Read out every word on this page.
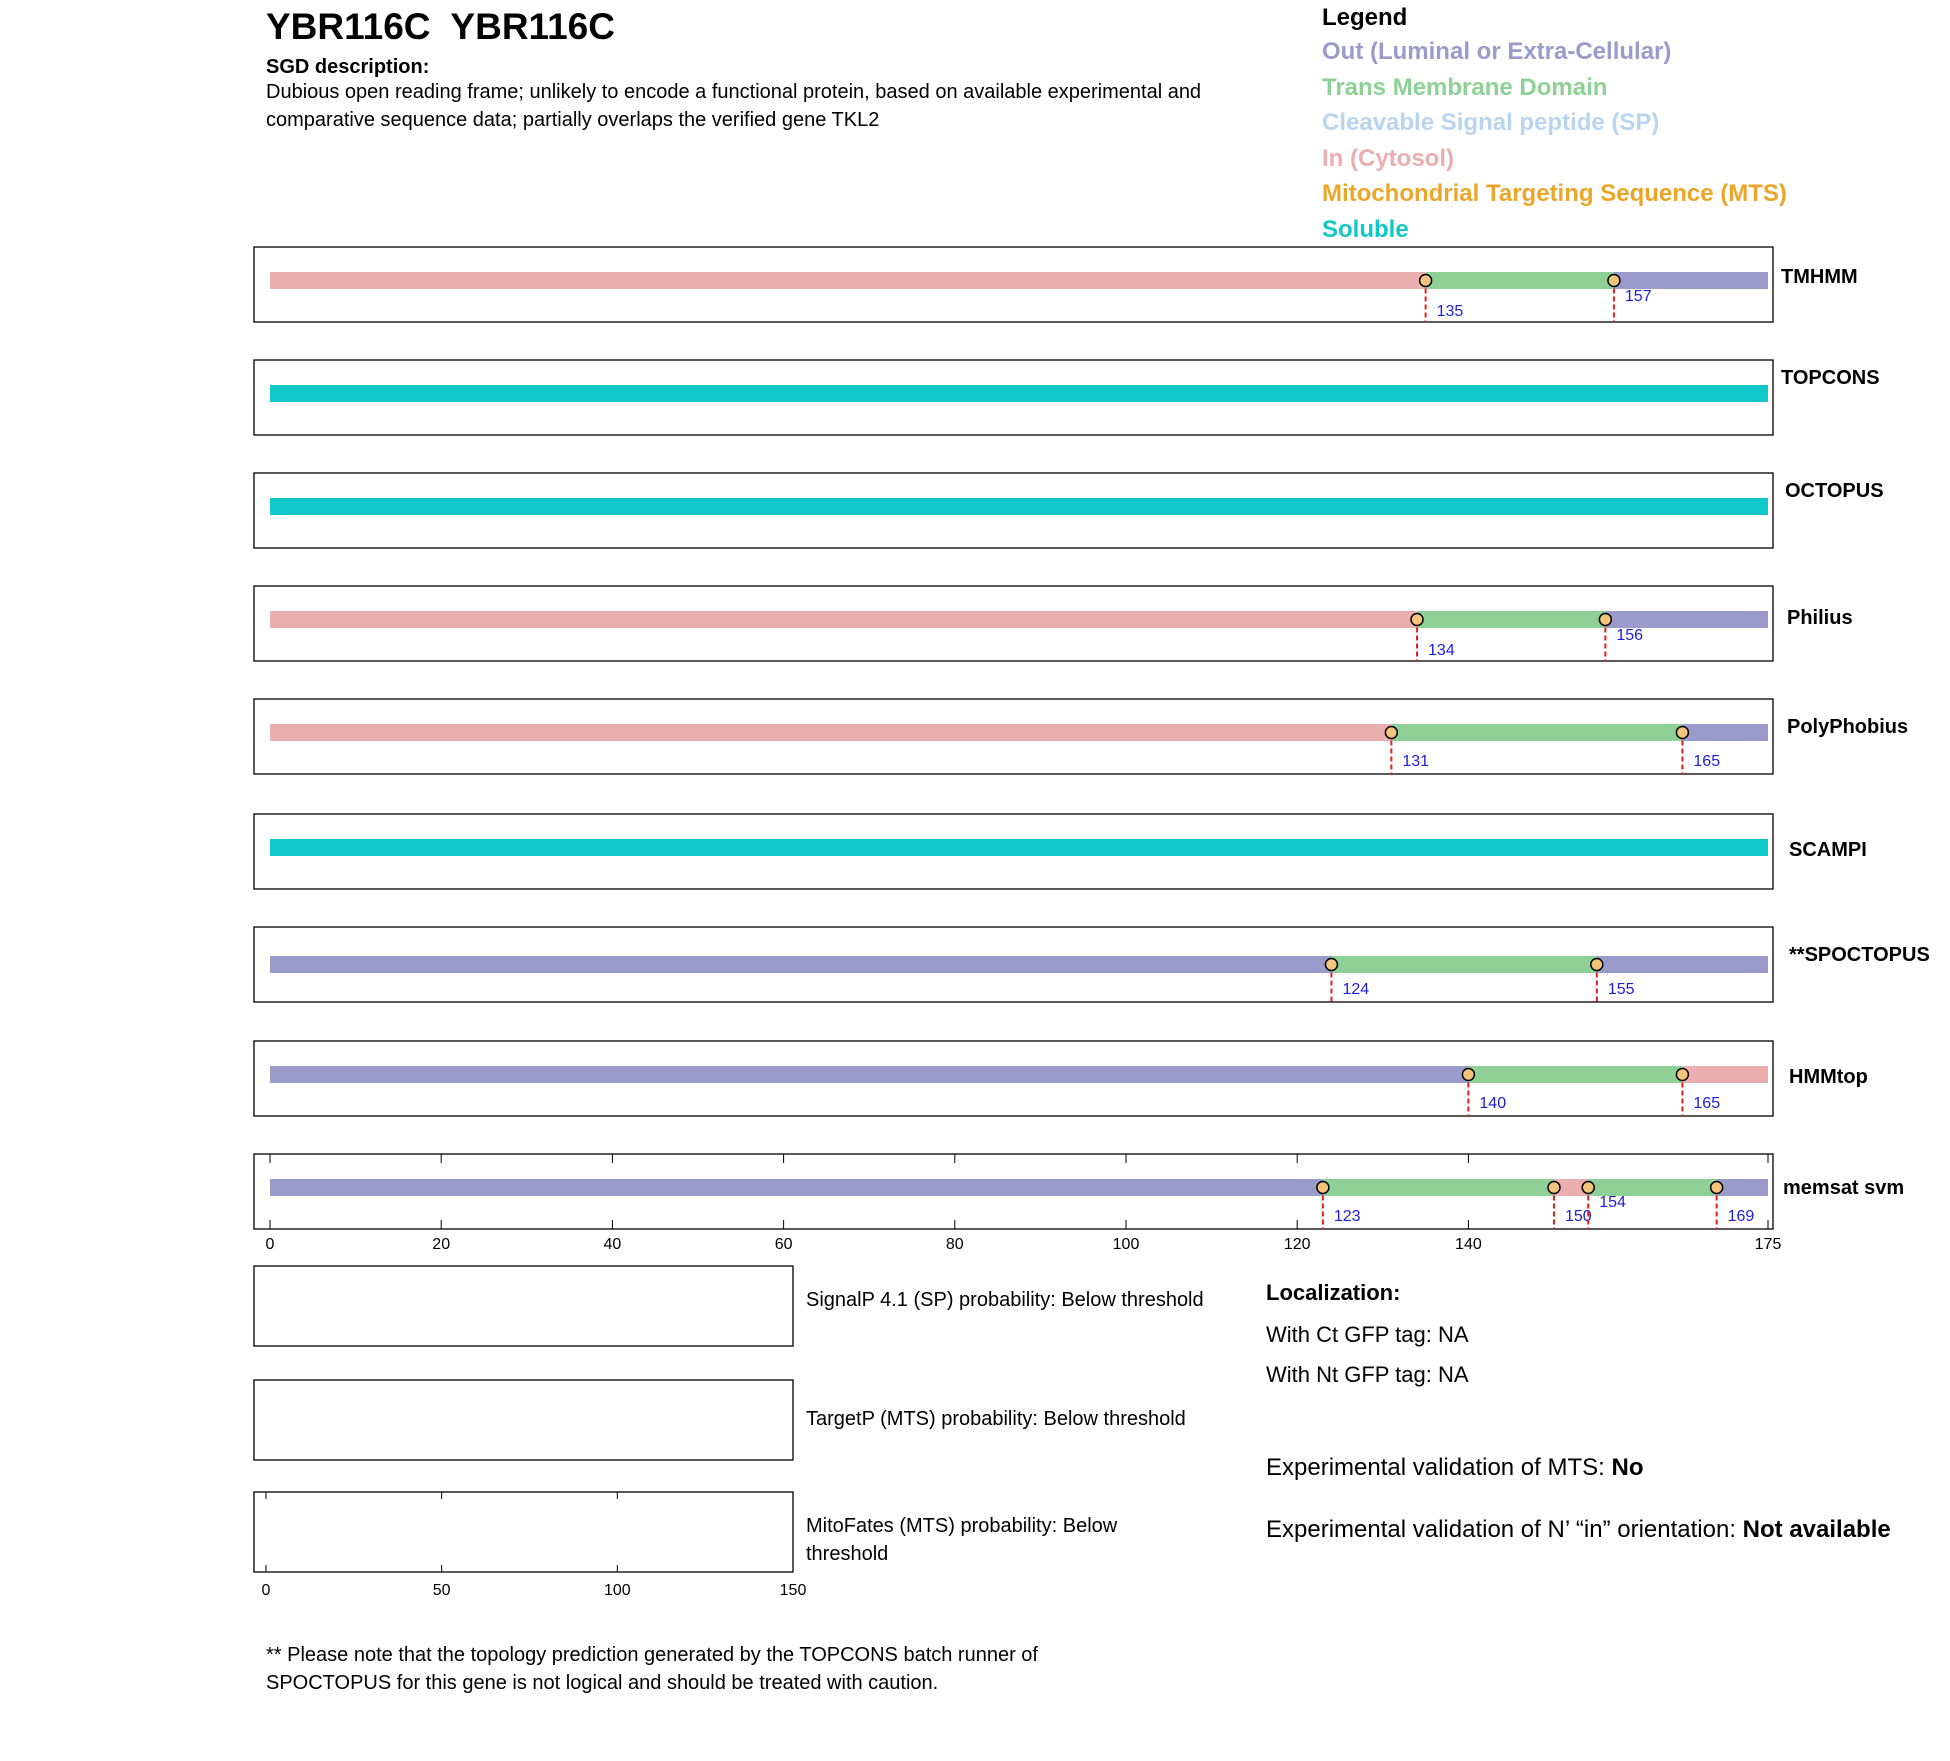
YBR116C  YBR116C
SGD description:
Dubious open reading frame; unlikely to encode a functional protein, based on available experimental and comparative sequence data; partially overlaps the verified gene TKL2
Legend
Out (Luminal or Extra-Cellular)
Trans Membrane Domain
Cleavable Signal peptide (SP)
In (Cytosol)
Mitochondrial Targeting Sequence (MTS)
Soluble
135
157
TMHMM
TOPCONS
OCTOPUS
134
156
Philius
131	165
PolyPhobius
SCAMPI
124	155
**SPOCTOPUS
140	165
HMMtop
0	20	40	60	80	100	120	140	175
123	150
154
169
memsat svm
0	50	100	150
SignalP 4.1 (SP) probability: Below threshold
TargetP (MTS) probability: Below threshold
MitoFates (MTS) probability: Below threshold
Localization:
With Ct GFP tag: NA
With Nt GFP tag: NA
Experimental validation of MTS: No
Experimental validation of N’ “in” orientation: Not available
** Please note that the topology prediction generated by the TOPCONS batch runner of SPOCTOPUS for this gene is not logical and should be treated with caution.
